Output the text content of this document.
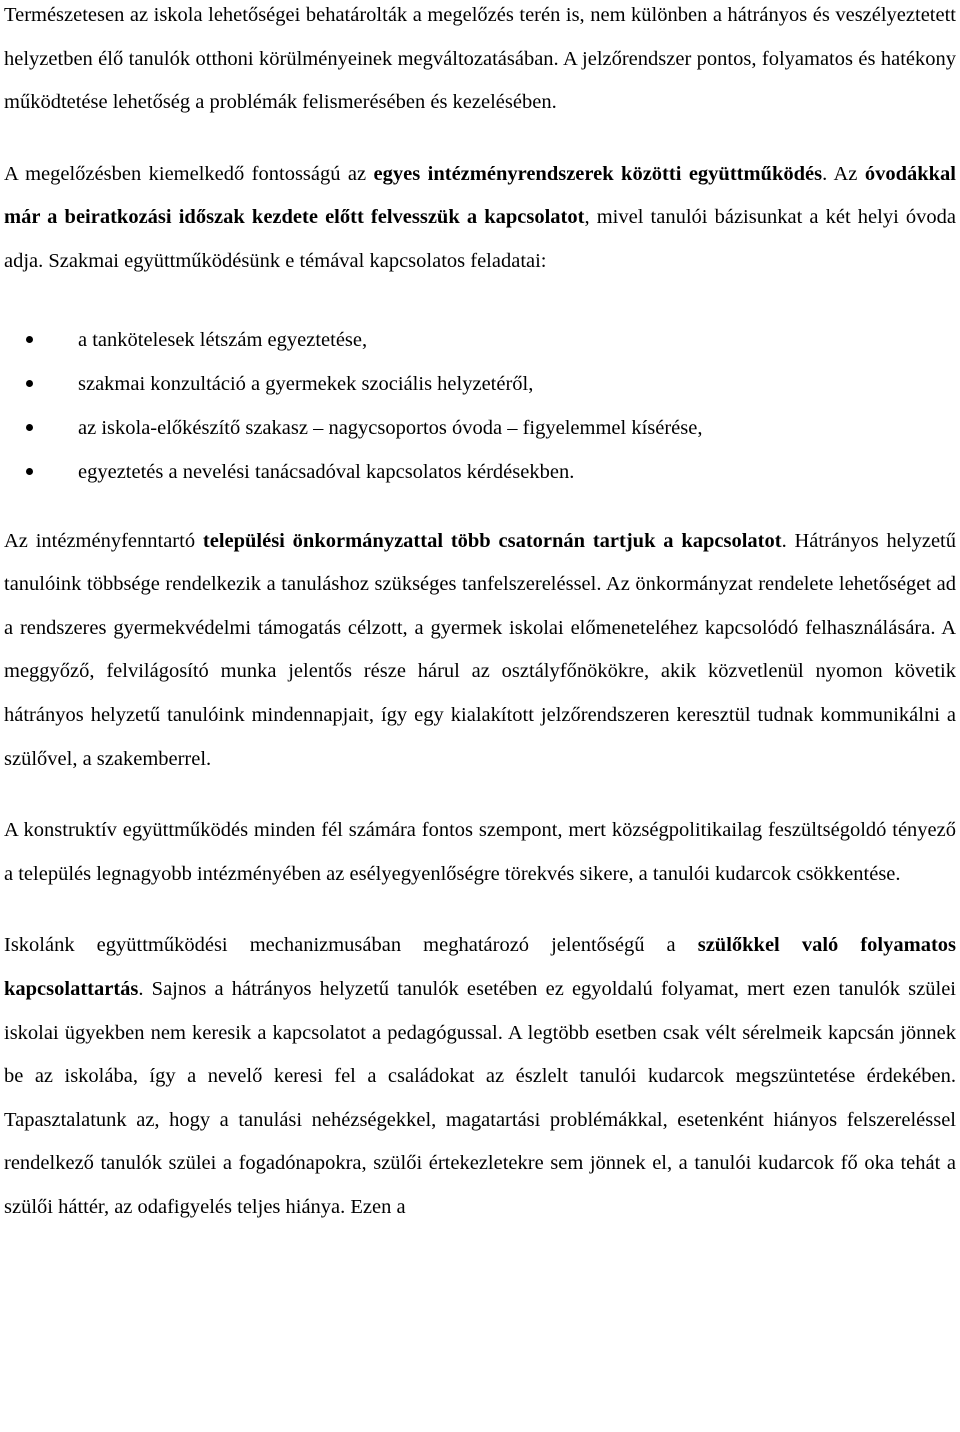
Természetesen az iskola lehetőségei behatárolták a megelőzés terén is, nem különben a hátrányos és veszélyeztetett helyzetben élő tanulók otthoni körülményeinek megváltozatásában. A jelzőrendszer pontos, folyamatos és hatékony működtetése lehetőség a problémák felismerésében és kezelésében.

A megelőzésben kiemelkedő fontosságú az egyes intézményrendszerek közötti együttműködés. Az óvodákkal már a beiratkozási időszak kezdete előtt felvesszük a kapcsolatot, mivel tanulói bázisunkat a két helyi óvoda adja. Szakmai együttműködésünk e témával kapcsolatos feladatai:

a tankötelesek létszám egyeztetése,
szakmai konzultáció a gyermekek szociális helyzetéről,
az iskola-előkészítő szakasz – nagycsoportos óvoda – figyelemmel kísérése,
egyeztetés a nevelési tanácsadóval kapcsolatos kérdésekben.

Az intézményfenntartó települési önkormányzattal több csatornán tartjuk a kapcsolatot. Hátrányos helyzetű tanulóink többsége rendelkezik a tanuláshoz szükséges tanfelszereléssel. Az önkormányzat rendelete lehetőséget ad a rendszeres gyermekvédelmi támogatás célzott, a gyermek iskolai előmeneteléhez kapcsolódó felhasználására. A meggyőző, felvilágosító munka jelentős része hárul az osztályfőnökökre, akik közvetlenül nyomon követik hátrányos helyzetű tanulóink mindennapjait, így egy kialakított jelzőrendszeren keresztül tudnak kommunikálni a szülővel, a szakemberrel.

A konstruktív együttműködés minden fél számára fontos szempont, mert községpolitikailag feszültségoldó tényező a település legnagyobb intézményében az esélyegyenlőségre törekvés sikere, a tanulói kudarcok csökkentése.

Iskolánk együttműködési mechanizmusában meghatározó jelentőségű a szülőkkel való folyamatos kapcsolattartás. Sajnos a hátrányos helyzetű tanulók esetében ez egyoldalú folyamat, mert ezen tanulók szülei iskolai ügyekben nem keresik a kapcsolatot a pedagógussal. A legtöbb esetben csak vélt sérelmeik kapcsán jönnek be az iskolába, így a nevelő keresi fel a családokat az észlelt tanulói kudarcok megszüntetése érdekében. Tapasztalatunk az, hogy a tanulási nehézségekkel, magatartási problémákkal, esetenként hiányos felszereléssel rendelkező tanulók szülei a fogadónapokra, szülői értekezletekre sem jönnek el, a tanulói kudarcok fő oka tehát a szülői háttér, az odafigyelés teljes hiánya. Ezen a
